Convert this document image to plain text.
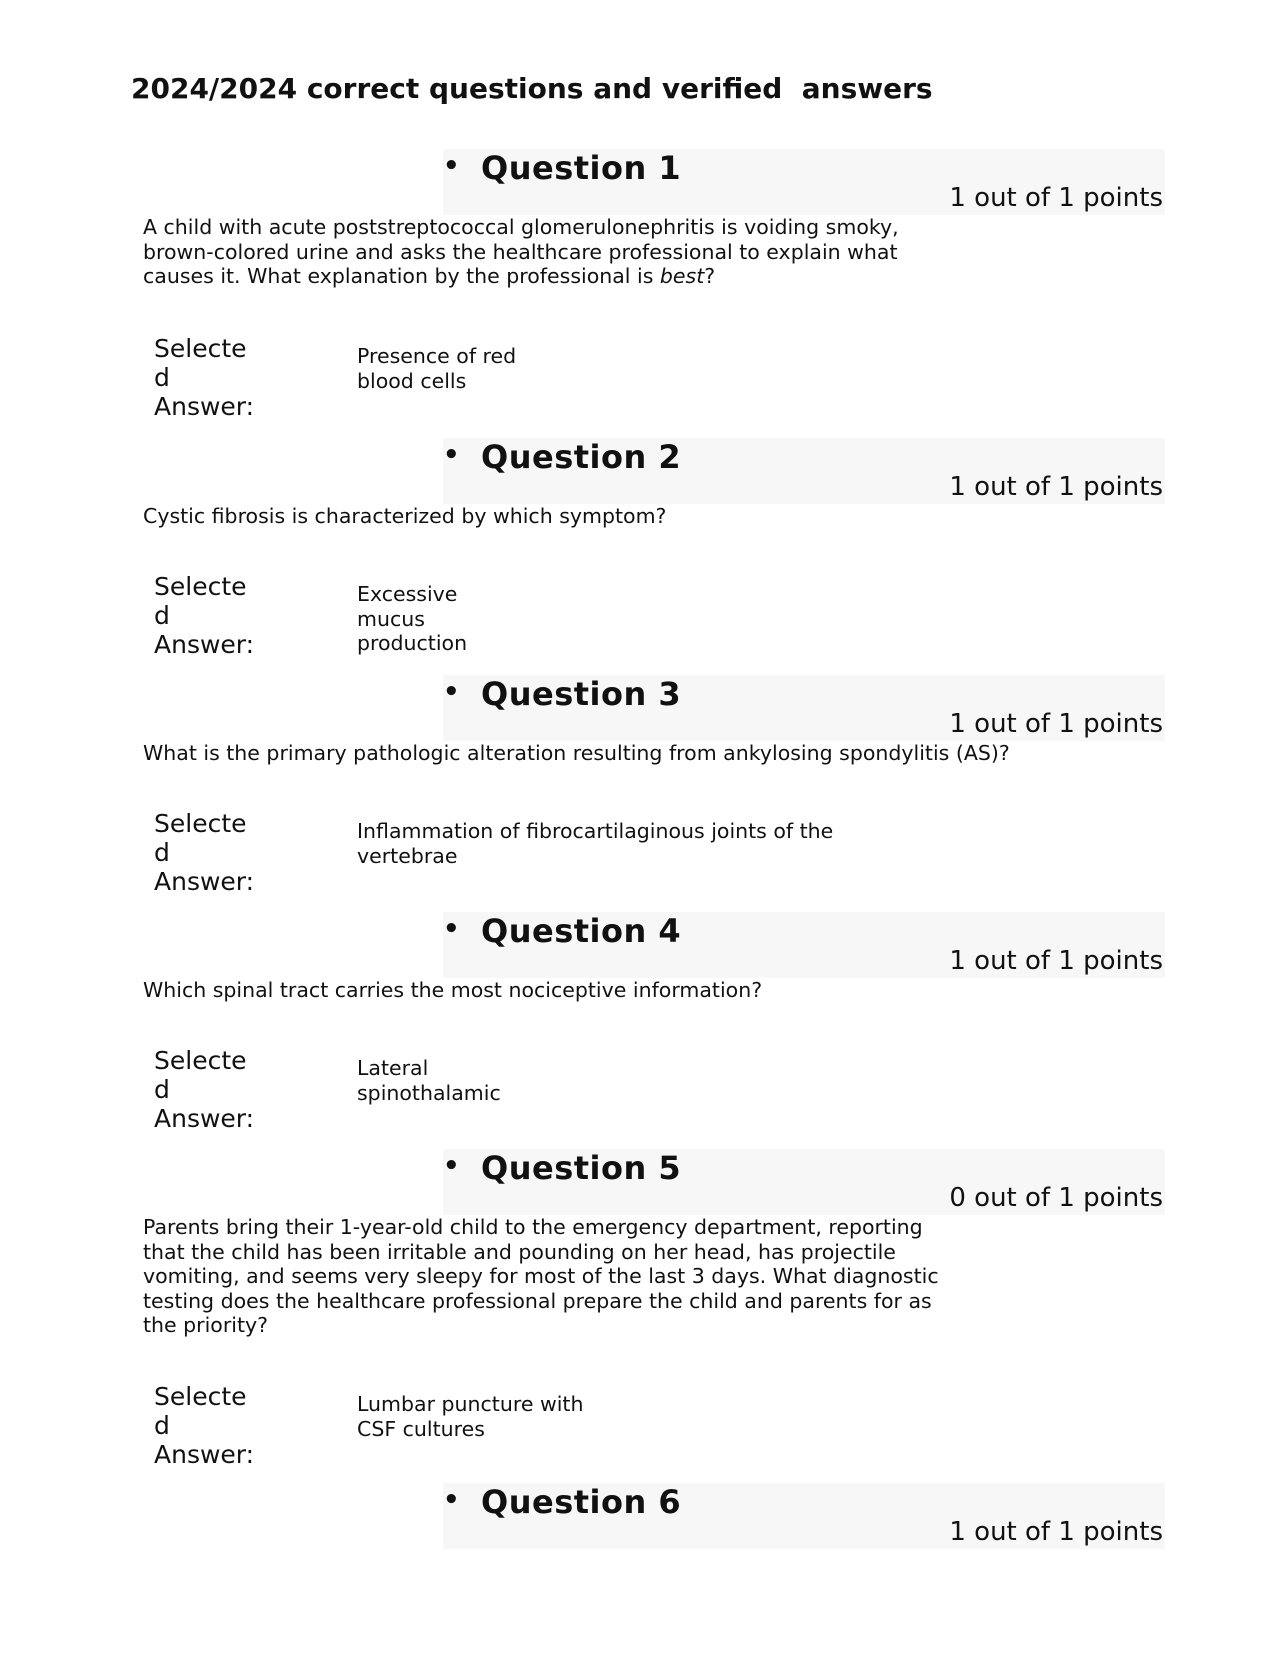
2024/2024 correct questions and verified  answers
• Question 1
1 out of 1 points
A child with acute poststreptococcal glomerulonephritis is voiding smoky,
brown-colored urine and asks the healthcare professional to explain what
causes it. What explanation by the professional is best?
Selecte
d
Answer:
Presence of red
blood cells
• Question 2
1 out of 1 points
Cystic fibrosis is characterized by which symptom?
Selecte
d
Answer:
Excessive
mucus
production
• Question 3
1 out of 1 points
What is the primary pathologic alteration resulting from ankylosing spondylitis (AS)?
Selecte
d
Answer:
Inflammation of fibrocartilaginous joints of the
vertebrae
• Question 4
1 out of 1 points
Which spinal tract carries the most nociceptive information?
Selecte
d
Answer:
Lateral
spinothalamic
• Question 5
0 out of 1 points
Parents bring their 1-year-old child to the emergency department, reporting
that the child has been irritable and pounding on her head, has projectile
vomiting, and seems very sleepy for most of the last 3 days. What diagnostic
testing does the healthcare professional prepare the child and parents for as
the priority?
Selecte
d
Answer:
Lumbar puncture with
CSF cultures
• Question 6
1 out of 1 points
